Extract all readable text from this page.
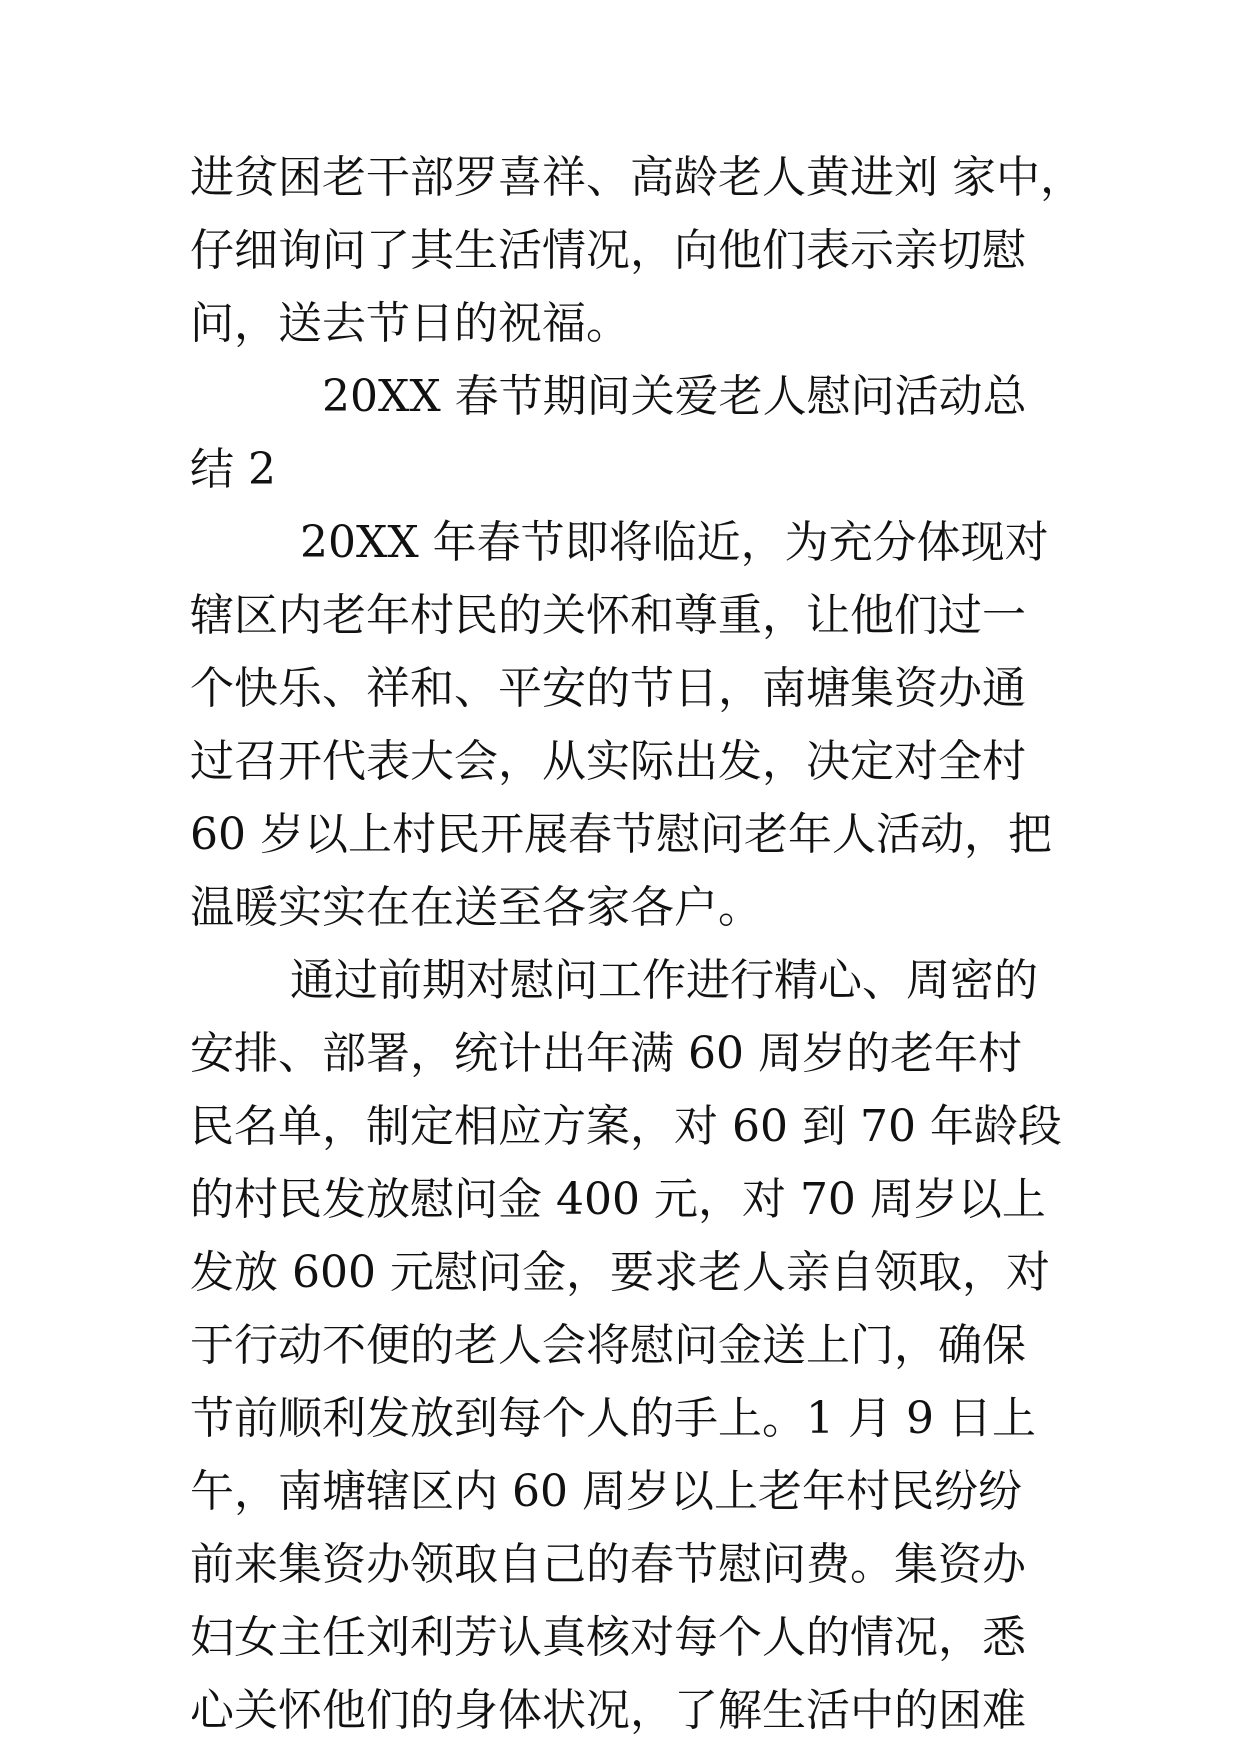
进贫困老干部罗喜祥、高龄老人黄进刘 家中，
仔细询问了其生活情况，向他们表示亲切慰
问，送去节日的祝福。
20XX 春节期间关爱老人慰问活动总
结 2
20XX 年春节即将临近，为充分体现对
辖区内老年村民的关怀和尊重，让他们过一
个快乐、祥和、平安的节日，南塘集资办通
过召开代表大会，从实际出发，决定对全村
60 岁以上村民开展春节慰问老年人活动，把
温暖实实在在送至各家各户。
通过前期对慰问工作进行精心、周密的
安排、部署，统计出年满 60 周岁的老年村
民名单，制定相应方案，对 60 到 70 年龄段
的村民发放慰问金 400 元，对 70 周岁以上
发放 600 元慰问金，要求老人亲自领取，对
于行动不便的老人会将慰问金送上门，确保
节前顺利发放到每个人的手上。1 月 9 日上
午，南塘辖区内 60 周岁以上老年村民纷纷
前来集资办领取自己的春节慰问费。集资办
妇女主任刘利芳认真核对每个人的情况，悉
心关怀他们的身体状况，了解生活中的困难
